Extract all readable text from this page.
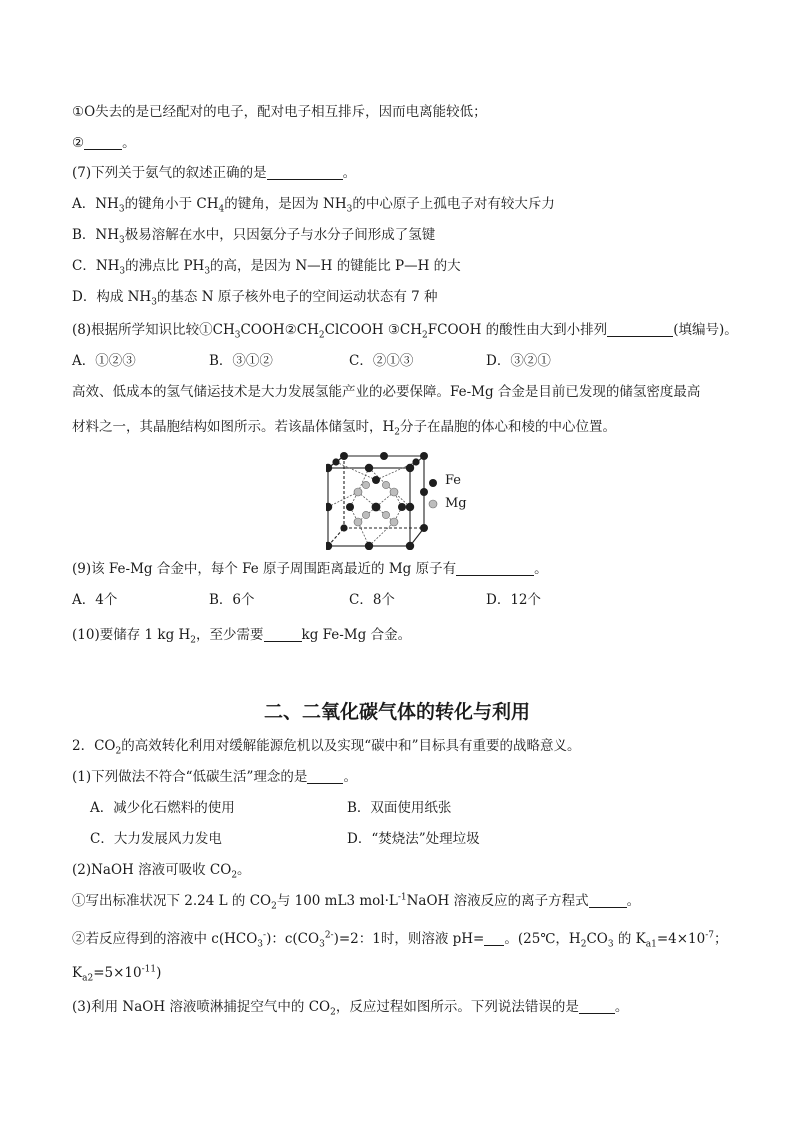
①O失去的是已经配对的电子，配对电子相互排斥，因而电离能较低；
②	。
(7)下列关于氨气的叙述正确的是	。
A．$NH_3$的键角小于 $CH_4$的键角，是因为 $NH_3$的中心原子上孤电子对有较大斥力
B．$NH_3$极易溶解在水中，只因氨分子与水分子间形成了氢键
C．$NH_3$的沸点比 $PH_3$的高，是因为 N—H 的键能比 P—H 的大
D．构成 $NH_3$的基态 N 原子核外电子的空间运动状态有 7 种
(8)根据所学知识比较$①CH_3COOH②CH_2ClCOOH$ $③CH_2FCOOH$ 的酸性由大到小排列	(填编号)。
A．①②③	B．③①②	C．②①③	D．③②①
高效、低成本的氢气储运技术是大力发展氢能产业的必要保障。Fe-Mg 合金是目前已发现的储氢密度最高
材料之一，其晶胞结构如图所示。若该晶体储氢时，$H_2$分子在晶胞的体心和棱的中心位置。
Fe
Mg
(9)该 Fe-Mg 合金中，每个 Fe 原子周围距离最近的 Mg 原子有	。
A．4个	B．6个	C．8个	D．12个
(10)要储存 1 kg $H_2$，至少需要	kg Fe-Mg 合金。
二、二氧化碳气体的转化与利用
2．$CO_2$的高效转化利用对缓解能源危机以及实现“碳中和”目标具有重要的战略意义。
(1)下列做法不符合“低碳生活”理念的是	。
A．减少化石燃料的使用	B．双面使用纸张
C．大力发展风力发电	D．“焚烧法”处理垃圾
(2)NaOH 溶液可吸收 $CO_2$。
①写出标准状况下 2.24 L 的 $CO_2$与 100 mL3 $mol\cdot L^{-1}NaOH$ 溶液反应的离子方程式	。
②若反应得到的溶液中 $c(HCO_3^-)$：$c(CO_3^{2-})=2$：1时，则溶液 pH= 。(25℃，$H_2CO_3$ 的 $K_{a1}=4\times 10^{-7}$；
$K_{a2}=5\times 10^{-11}$)
(3)利用 NaOH 溶液喷淋捕捉空气中的 $CO_2$，反应过程如图所示。下列说法错误的是	。
